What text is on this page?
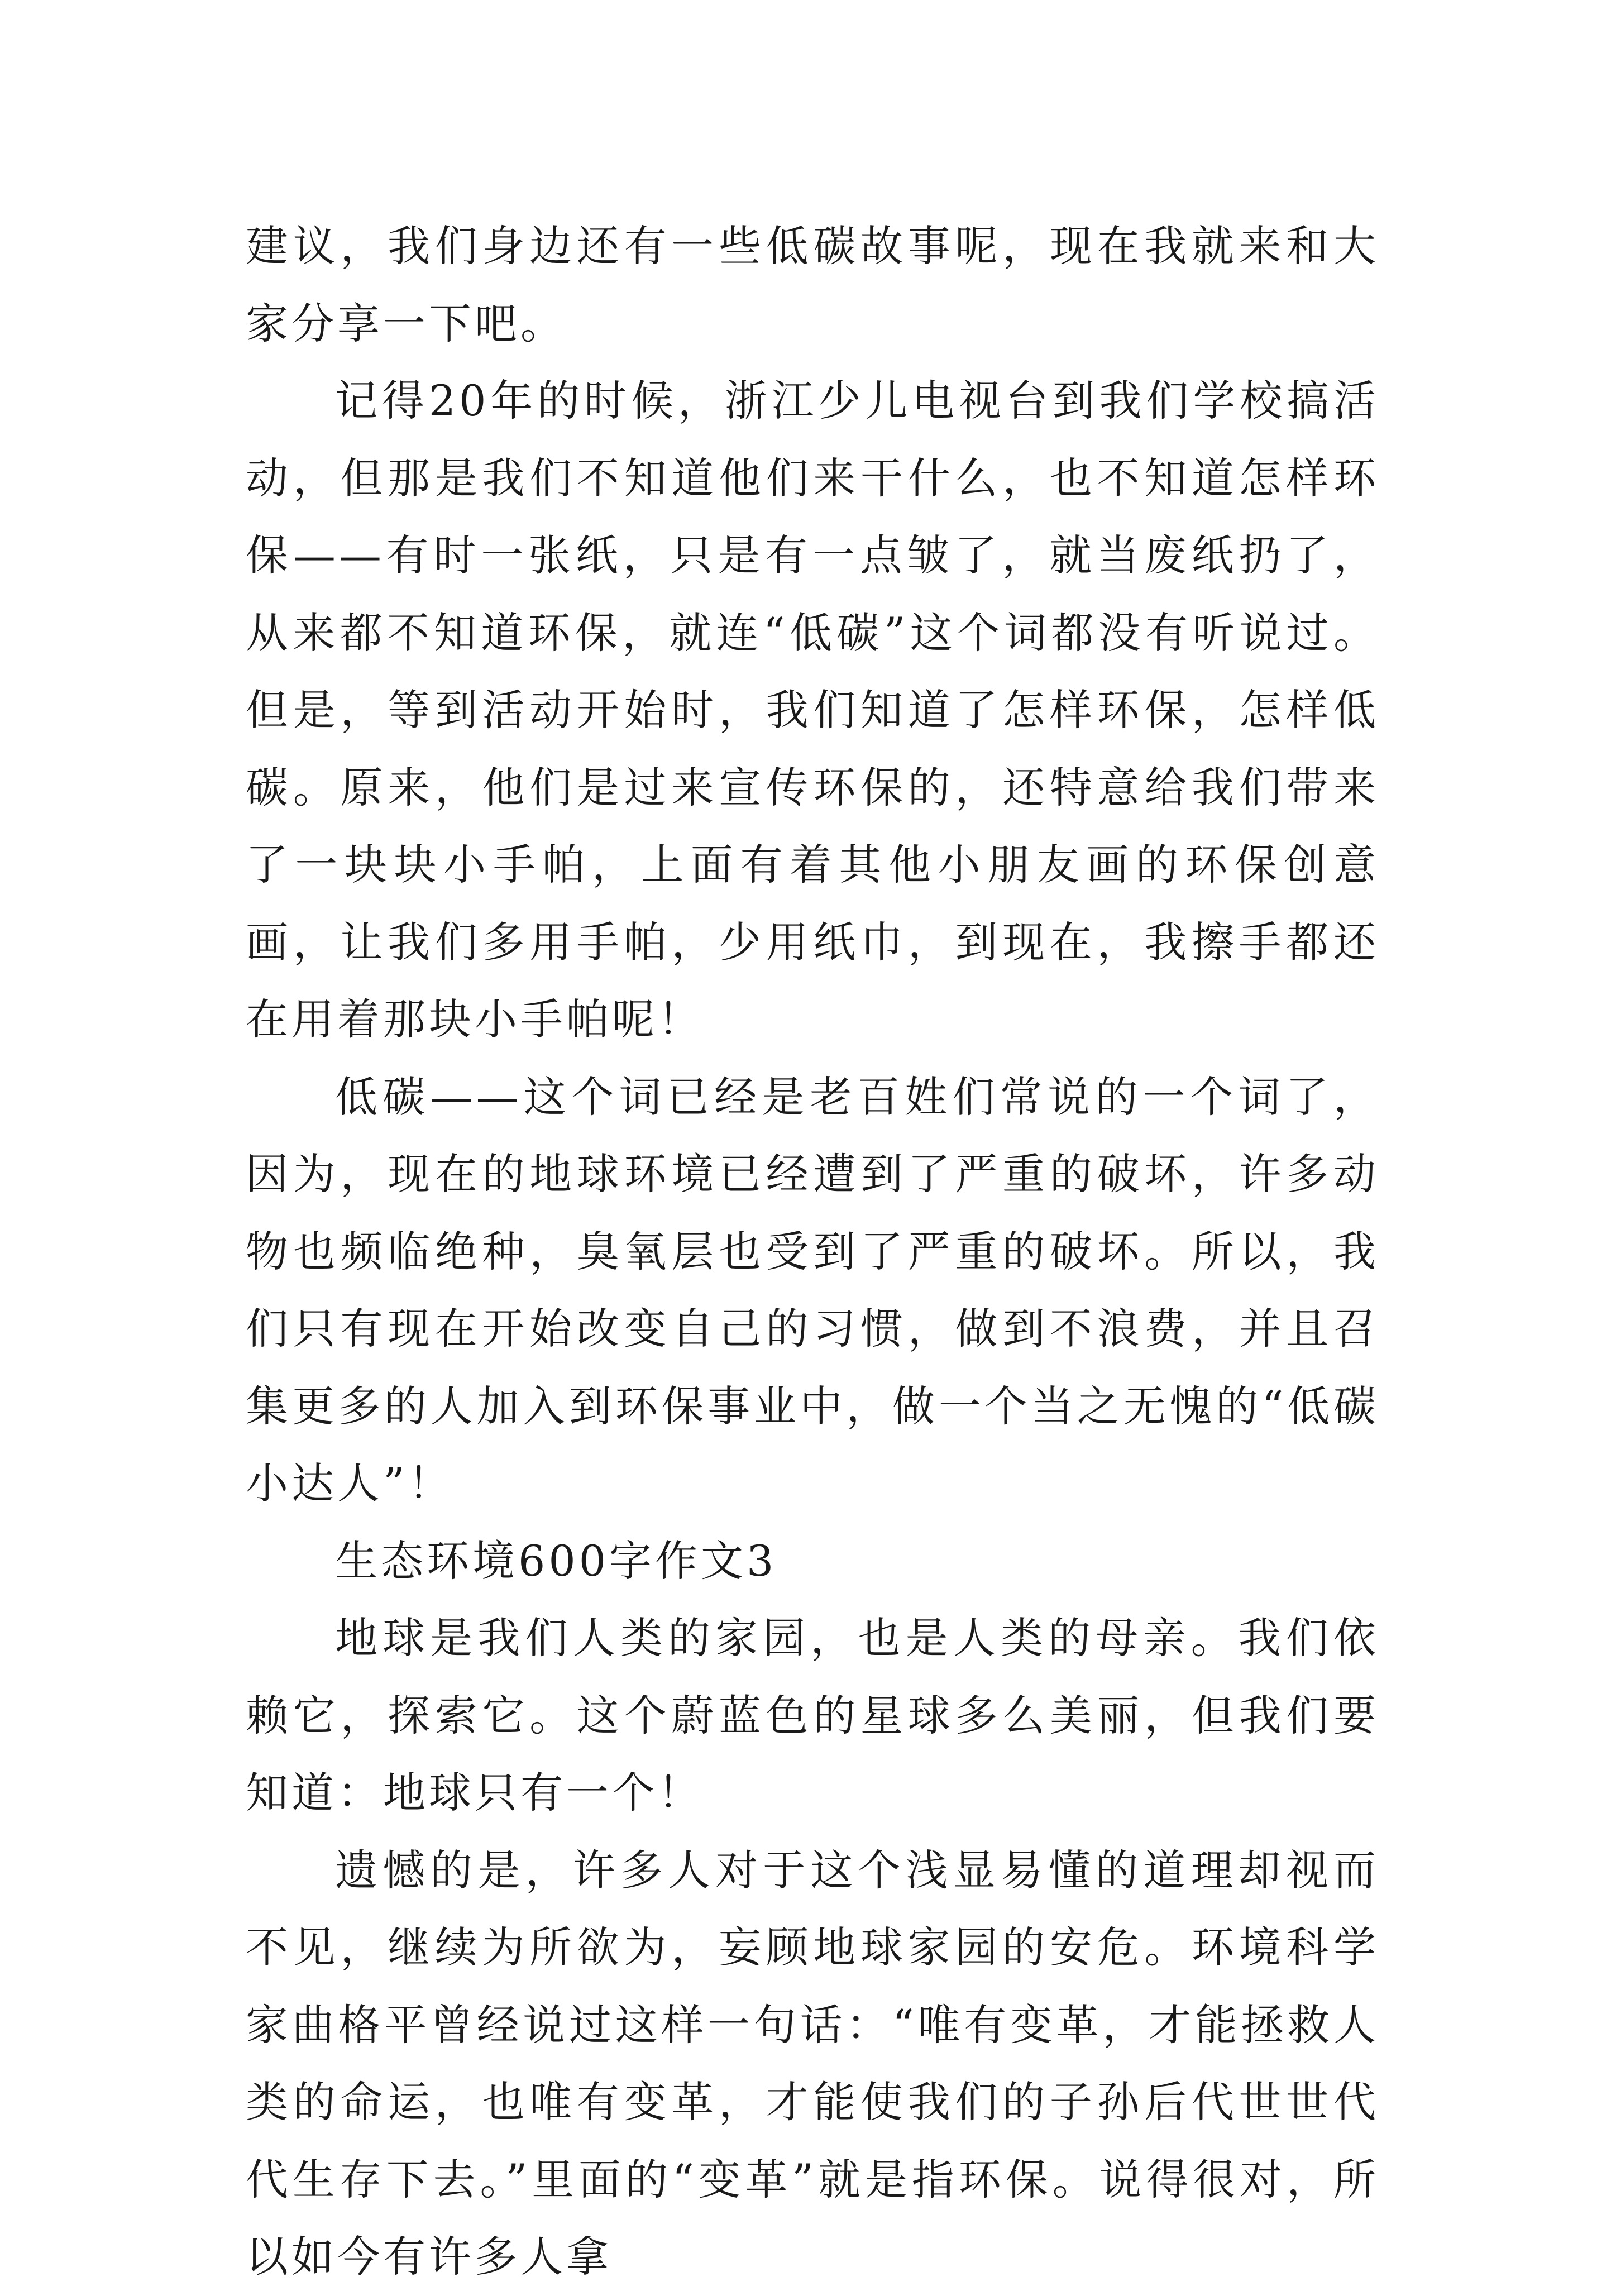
建议，我们身边还有一些低碳故事呢，现在我就来和大家分享一下吧。

记得20年的时候，浙江少儿电视台到我们学校搞活动，但那是我们不知道他们来干什么，也不知道怎样环保——有时一张纸，只是有一点皱了，就当废纸扔了，从来都不知道环保，就连“低碳”这个词都没有听说过。但是，等到活动开始时，我们知道了怎样环保，怎样低碳。原来，他们是过来宣传环保的，还特意给我们带来了一块块小手帕，上面有着其他小朋友画的环保创意画，让我们多用手帕，少用纸巾，到现在，我擦手都还在用着那块小手帕呢！

低碳——这个词已经是老百姓们常说的一个词了，因为，现在的地球环境已经遭到了严重的破坏，许多动物也频临绝种，臭氧层也受到了严重的破坏。所以，我们只有现在开始改变自己的习惯，做到不浪费，并且召集更多的人加入到环保事业中，做一个当之无愧的“低碳小达人”！

生态环境600字作文3

地球是我们人类的家园，也是人类的母亲。我们依赖它，探索它。这个蔚蓝色的星球多么美丽，但我们要知道：地球只有一个！

遗憾的是，许多人对于这个浅显易懂的道理却视而不见，继续为所欲为，妄顾地球家园的安危。环境科学家曲格平曾经说过这样一句话：“唯有变革，才能拯救人类的命运，也唯有变革，才能使我们的子孙后代世世代代生存下去。”里面的“变革”就是指环保。说得很对，所以如今有许多人拿
